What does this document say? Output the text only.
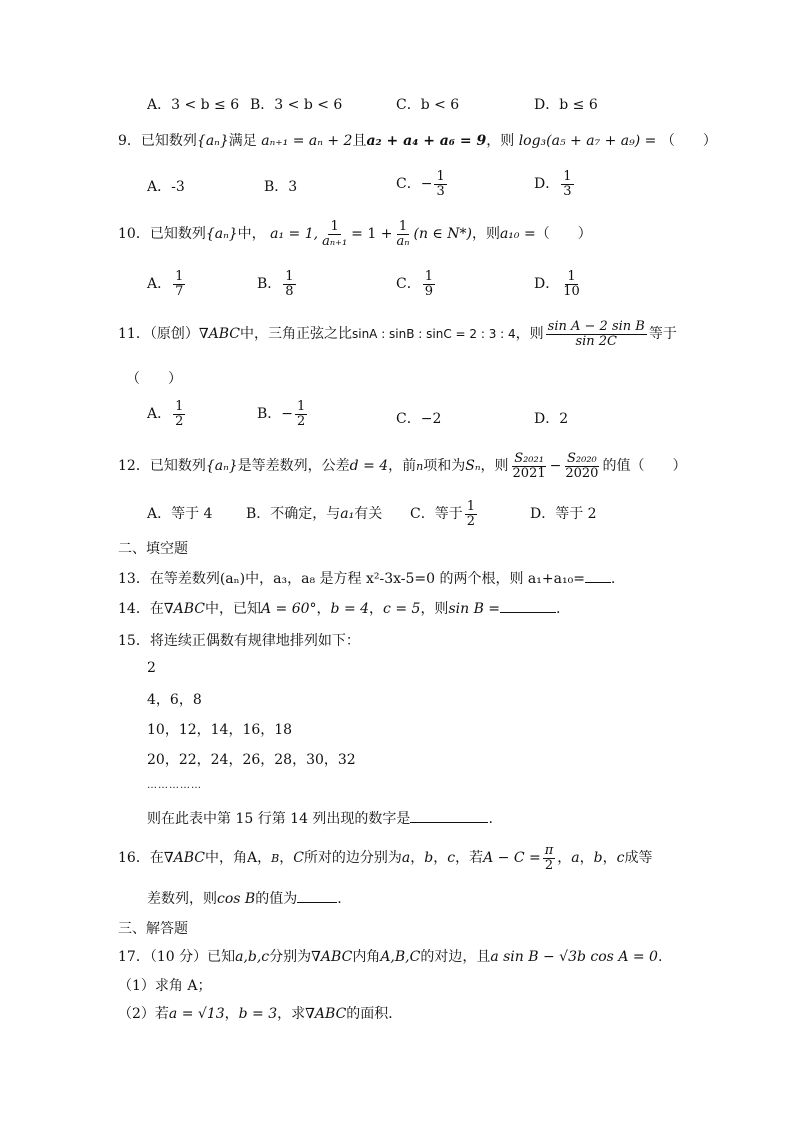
A．3 < b ≤ 6 B．3 < b < 6	C．b < 6	D．b ≤ 6
9．已知数列{aₙ}满足 aₙ₊₁ = aₙ + 2且a₂ + a₄ + a₆ = 9，则 log₃(a₅ + a₇ + a₉) = （　　）
A．-3	B．3	C．− $\frac{1}{3}$	D． $\frac{1}{3}$
10．已知数列{aₙ}中， a₁ = 1, $\frac{1}{\text{aₙ₊₁}} = 1 + \frac{1}{\text{aₙ}} (n$ ∈ N*)，则a₁₀ =（　　）
A． $\frac{1}{7}$	B． $\frac{1}{8}$	C． $\frac{1}{9}$	D． $\frac{1}{10}$
11．（原创）∇ABC中，三角正弦之比sinA : sinB : sinC = 2 : 3 : 4，则 $\frac{\text{sin A − 2 sin B}}{\sin 2C}$ 等于
（　　）
A． $\frac{1}{2}$	B．− $\frac{1}{2}$	C．−2	D．2
12．已知数列{aₙ}是等差数列，公差d = 4，前n项和为Sₙ，则 $\frac{\text{S₂₀₂₁}}{2021} - \frac{\text{S₂₀₂₀}}{2020}$ 的值（　　）
A．等于 4 B．不确定，与a₁有关 C．等于 $\frac{1}{2}$	D．等于 2
二、填空题
13．在等差数列(aₙ)中，a₃，a₈ 是方程 x²-3x-5=0 的两个根，则 a₁+a₁₀= .
14．在∇ABC中，已知A = 60°，b = 4，c = 5，则sin B =	.
15．将连续正偶数有规律地排列如下：
2
4，6，8
10，12，14，16，18
20，22，24，26，28，30，32
……………
则在此表中第 15 行第 14 列出现的数字是	.
16．在∇ABC中，角A，B，C所对的边分别为a，b，c，若$A - C = \frac{\pi}{2}$ ，a，b，c成等
差数列，则cos B的值为	.
三、解答题
17．（10 分）已知a,b,c分别为∇ABC内角A,B,C的对边，且a sin B − √3b cos A = 0.
（1）求角 A；
（2）若a = √13，b = 3，求∇ABC的面积．
